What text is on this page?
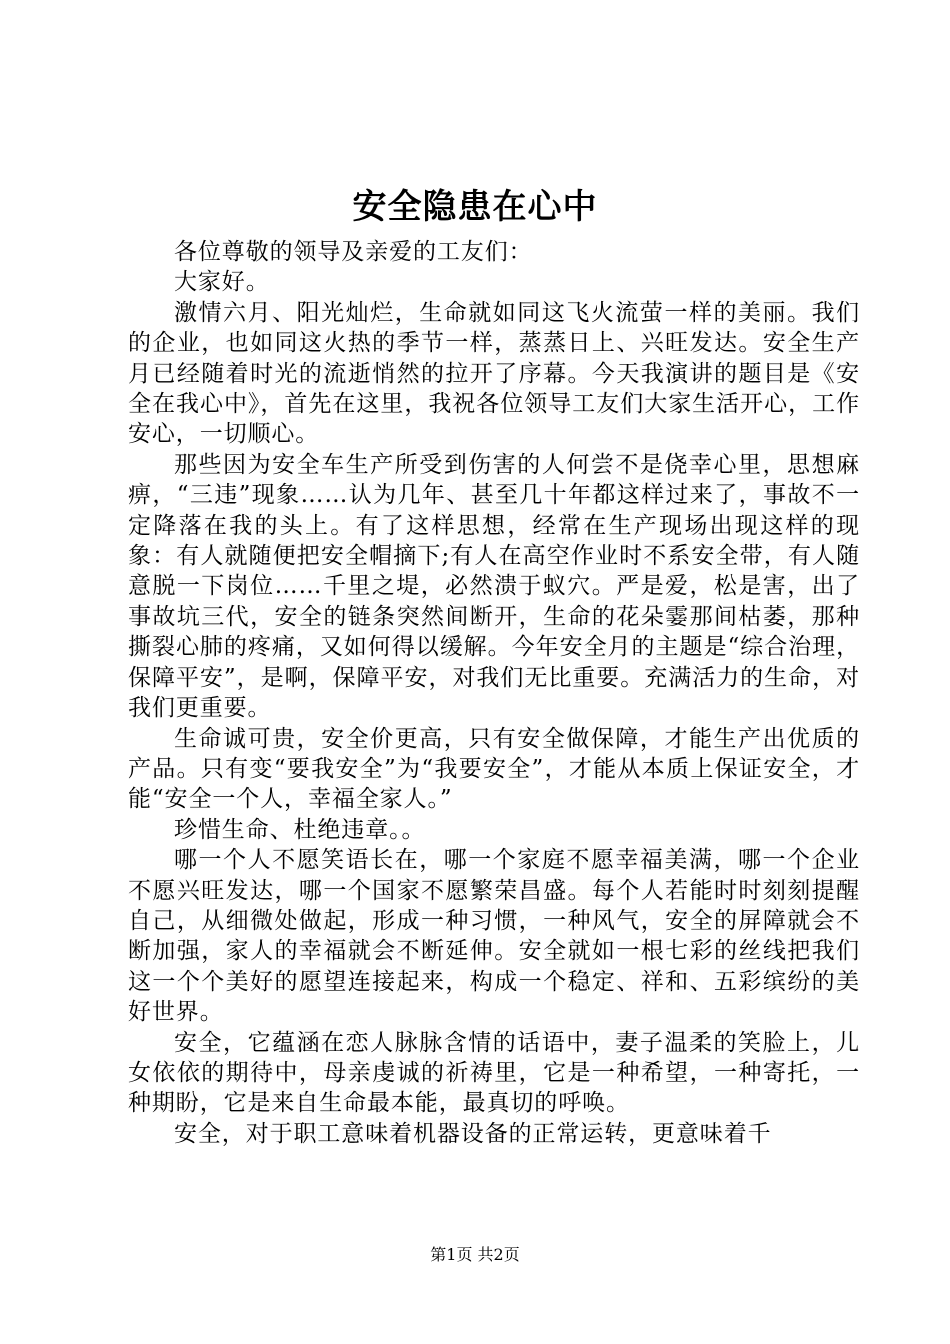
安全隐患在心中

各位尊敬的领导及亲爱的工友们：

大家好。

激情六月、阳光灿烂，生命就如同这飞火流萤一样的美丽。我们的企业，也如同这火热的季节一样，蒸蒸日上、兴旺发达。安全生产月已经随着时光的流逝悄然的拉开了序幕。今天我演讲的题目是《安全在我心中》，首先在这里，我祝各位领导工友们大家生活开心，工作安心，一切顺心。

那些因为安全车生产所受到伤害的人何尝不是侥幸心里，思想麻痹，“三违”现象……认为几年、甚至几十年都这样过来了，事故不一定降落在我的头上。有了这样思想，经常在生产现场出现这样的现象：有人就随便把安全帽摘下;有人在高空作业时不系安全带，有人随意脱一下岗位……千里之堤，必然溃于蚁穴。严是爱，松是害，出了事故坑三代，安全的链条突然间断开，生命的花朵霎那间枯萎，那种撕裂心肺的疼痛，又如何得以缓解。今年安全月的主题是“综合治理，保障平安”，是啊，保障平安，对我们无比重要。充满活力的生命，对我们更重要。

生命诚可贵，安全价更高，只有安全做保障，才能生产出优质的产品。只有变“要我安全”为“我要安全”，才能从本质上保证安全，才能“安全一个人，幸福全家人。”

珍惜生命、杜绝违章。。

哪一个人不愿笑语长在，哪一个家庭不愿幸福美满，哪一个企业不愿兴旺发达，哪一个国家不愿繁荣昌盛。每个人若能时时刻刻提醒自己，从细微处做起，形成一种习惯，一种风气，安全的屏障就会不断加强，家人的幸福就会不断延伸。安全就如一根七彩的丝线把我们这一个个美好的愿望连接起来，构成一个稳定、祥和、五彩缤纷的美好世界。

安全，它蕴涵在恋人脉脉含情的话语中，妻子温柔的笑脸上，儿女依依的期待中，母亲虔诚的祈祷里，它是一种希望，一种寄托，一种期盼，它是来自生命最本能，最真切的呼唤。

安全，对于职工意味着机器设备的正常运转，更意味着千

第1页 共2页
